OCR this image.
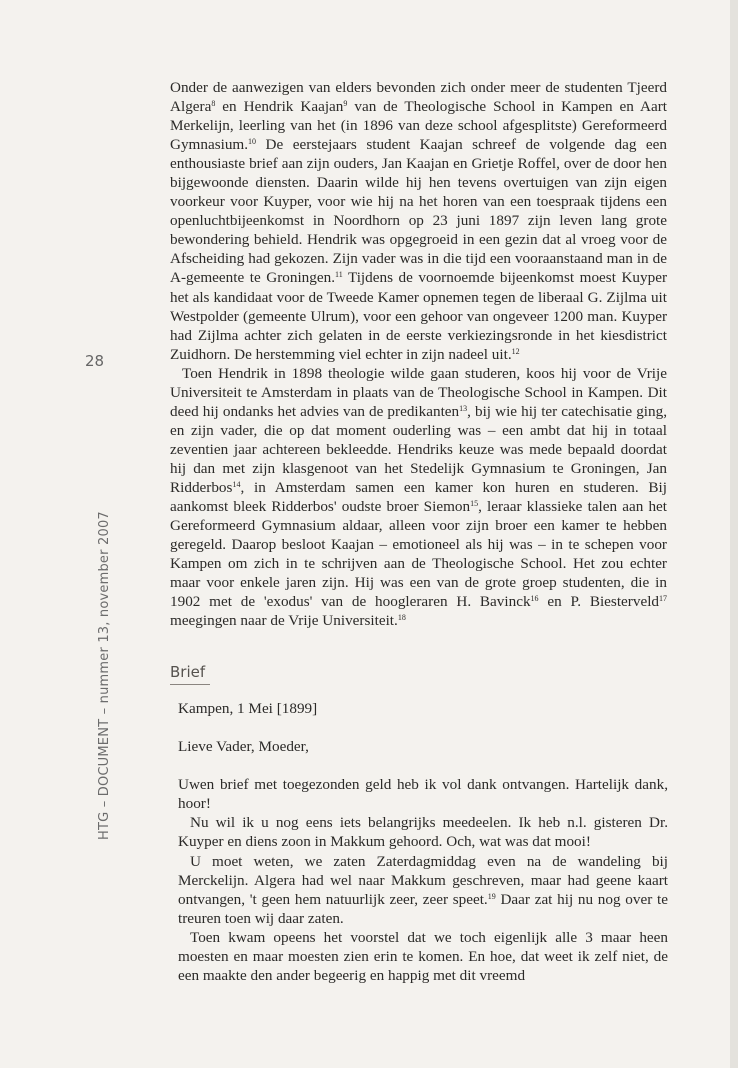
28
HTG – DOCUMENT – nummer 13, november 2007

Onder de aanwezigen van elders bevonden zich onder meer de studenten Tjeerd Algera$^8$ en Hendrik Kaajan$^9$ van de Theologische School in Kampen en Aart Merkelijn, leerling van het (in 1896 van deze school afgesplitste) Gereformeerd Gymnasium.$^{10}$ De eerstejaars student Kaajan schreef de volgende dag een enthousiaste brief aan zijn ouders, Jan Kaajan en Grietje Roffel, over de door hen bijgewoonde diensten. Daarin wilde hij hen tevens overtuigen van zijn eigen voorkeur voor Kuyper, voor wie hij na het horen van een toespraak tijdens een openluchtbijeenkomst in Noordhorn op 23 juni 1897 zijn leven lang grote bewondering behield. Hendrik was opgegroeid in een gezin dat al vroeg voor de Afscheiding had gekozen. Zijn vader was in die tijd een vooraanstaand man in de A-gemeente te Groningen.$^{11}$ Tijdens de voornoemde bijeenkomst moest Kuyper het als kandidaat voor de Tweede Kamer opnemen tegen de liberaal G. Zijlma uit Westpolder (gemeente Ulrum), voor een gehoor van ongeveer 1200 man. Kuyper had Zijlma achter zich gelaten in de eerste verkiezingsronde in het kiesdistrict Zuidhorn. De herstemming viel echter in zijn nadeel uit.$^{12}$

Toen Hendrik in 1898 theologie wilde gaan studeren, koos hij voor de Vrije Universiteit te Amsterdam in plaats van de Theologische School in Kampen. Dit deed hij ondanks het advies van de predikanten$^{13}$, bij wie hij ter catechisatie ging, en zijn vader, die op dat moment ouderling was – een ambt dat hij in totaal zeventien jaar achtereen bekleedde. Hendriks keuze was mede bepaald doordat hij dan met zijn klasgenoot van het Stedelijk Gymnasium te Groningen, Jan Ridderbos$^{14}$, in Amsterdam samen een kamer kon huren en studeren. Bij aankomst bleek Ridderbos' oudste broer Siemon$^{15}$, leraar klassieke talen aan het Gereformeerd Gymnasium aldaar, alleen voor zijn broer een kamer te hebben geregeld. Daarop besloot Kaajan – emotioneel als hij was – in te schepen voor Kampen om zich in te schrijven aan de Theologische School. Het zou echter maar voor enkele jaren zijn. Hij was een van de grote groep studenten, die in 1902 met de 'exodus' van de hoogleraren H. Bavinck$^{16}$ en P. Biesterveld$^{17}$ meegingen naar de Vrije Universiteit.$^{18}$

Brief

Kampen, 1 Mei [1899]

Lieve Vader, Moeder,

Uwen brief met toegezonden geld heb ik vol dank ontvangen. Hartelijk dank, hoor!

Nu wil ik u nog eens iets belangrijks meedeelen. Ik heb n.l. gisteren Dr. Kuyper en diens zoon in Makkum gehoord. Och, wat was dat mooi!

U moet weten, we zaten Zaterdagmiddag even na de wandeling bij Merckelijn. Algera had wel naar Makkum geschreven, maar had geene kaart ontvangen, 't geen hem natuurlijk zeer, zeer speet.$^{19}$ Daar zat hij nu nog over te treuren toen wij daar zaten.

Toen kwam opeens het voorstel dat we toch eigenlijk alle 3 maar heen moesten en maar moesten zien erin te komen. En hoe, dat weet ik zelf niet, de een maakte den ander begeerig en happig met dit vreemd
